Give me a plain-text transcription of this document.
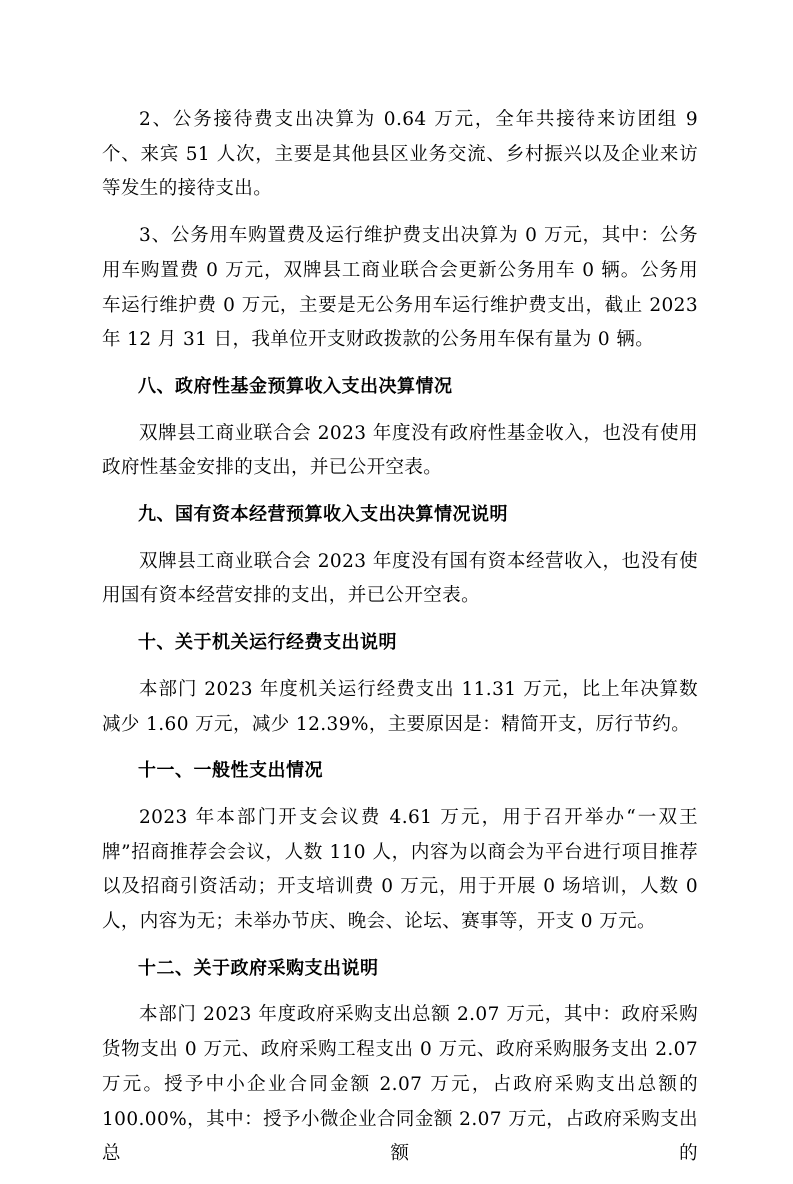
2、公务接待费支出决算为 0.64 万元，全年共接待来访团组 9 个、来宾 51 人次，主要是其他县区业务交流、乡村振兴以及企业来访等发生的接待支出。

3、公务用车购置费及运行维护费支出决算为 0 万元，其中：公务用车购置费 0 万元，双牌县工商业联合会更新公务用车 0 辆。公务用车运行维护费 0 万元，主要是无公务用车运行维护费支出，截止 2023 年 12 月 31 日，我单位开支财政拨款的公务用车保有量为 0 辆。

八、政府性基金预算收入支出决算情况

双牌县工商业联合会 2023 年度没有政府性基金收入，也没有使用政府性基金安排的支出，并已公开空表。

九、国有资本经营预算收入支出决算情况说明

双牌县工商业联合会 2023 年度没有国有资本经营收入，也没有使用国有资本经营安排的支出，并已公开空表。

十、关于机关运行经费支出说明

本部门 2023 年度机关运行经费支出 11.31 万元，比上年决算数减少 1.60 万元，减少 12.39%，主要原因是：精简开支，厉行节约。

十一、一般性支出情况

2023 年本部门开支会议费 4.61 万元，用于召开举办“一双王牌”招商推荐会会议，人数 110 人，内容为以商会为平台进行项目推荐以及招商引资活动；开支培训费 0 万元，用于开展 0 场培训，人数 0 人，内容为无；未举办节庆、晚会、论坛、赛事等，开支 0 万元。

十二、关于政府采购支出说明

本部门 2023 年度政府采购支出总额 2.07 万元，其中：政府采购货物支出 0 万元、政府采购工程支出 0 万元、政府采购服务支出 2.07 万元。授予中小企业合同金额 2.07 万元，占政府采购支出总额的 100.00%，其中：授予小微企业合同金额 2.07 万元，占政府采购支出总额的
